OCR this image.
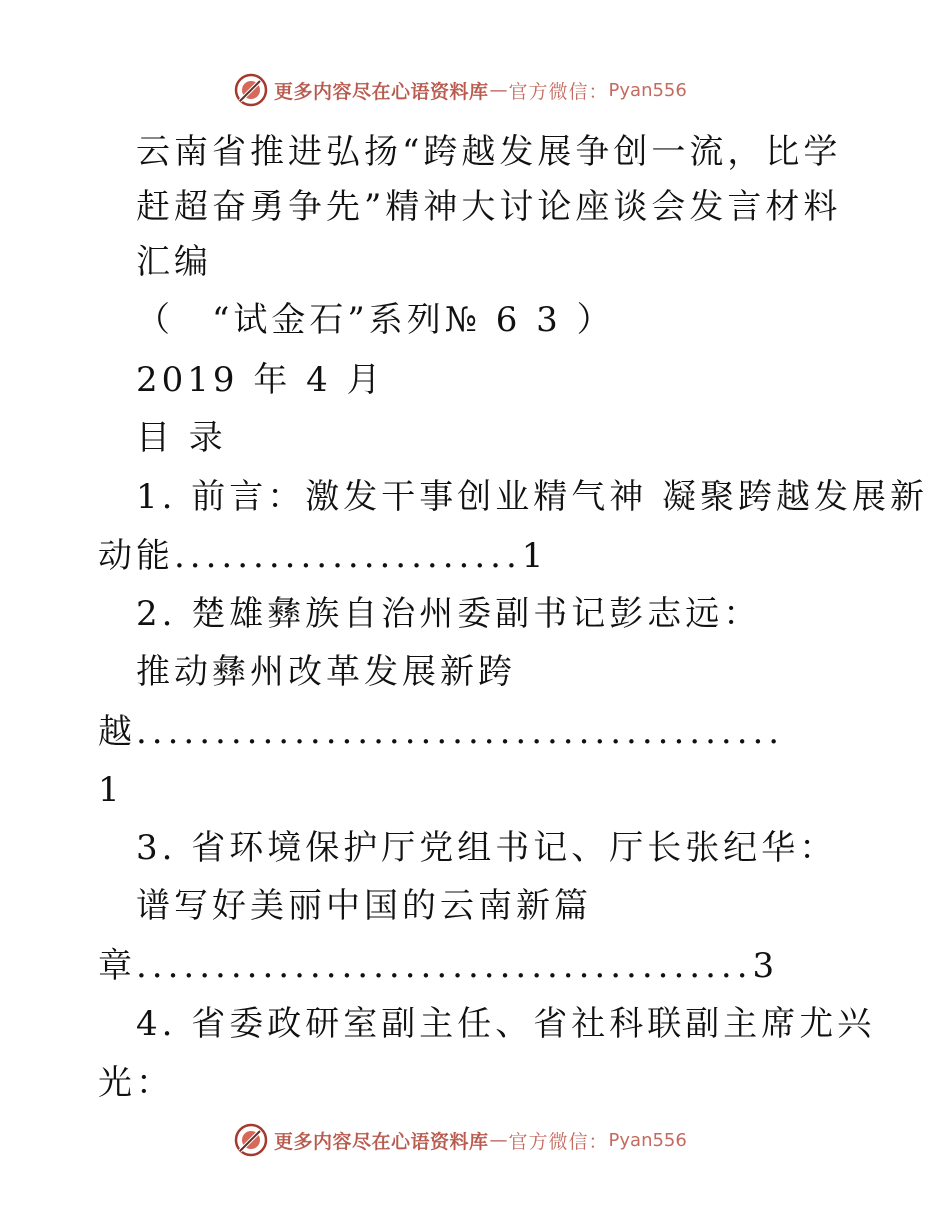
更多内容尽在心语资料库 — 官方微信： Pyan556
云南省推进弘扬“跨越发展争创一流，比学
赶超奋勇争先”精神大讨论座谈会发言材料
汇编
（　“试金石”系列№ 6 3 ）
2019 年 4 月
目 录
1. 前言：激发干事创业精气神 凝聚跨越发展新
动能......................1
2. 楚雄彝族自治州委副书记彭志远：
推动彝州改革发展新跨
越.........................................
1
3. 省环境保护厅党组书记、厅长张纪华：
谱写好美丽中国的云南新篇
章.......................................3
4. 省委政研室副主任、省社科联副主席尤兴
光：
更多内容尽在心语资料库 — 官方微信： Pyan556
